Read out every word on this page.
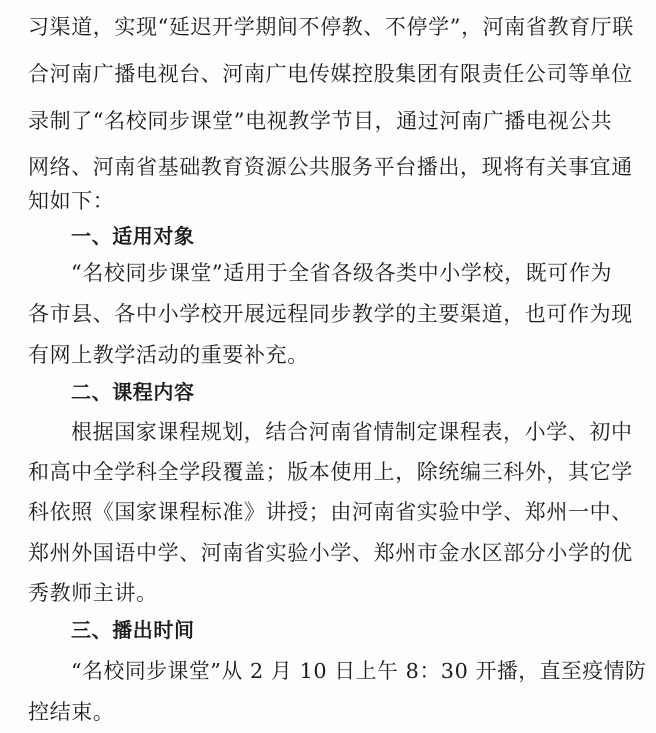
习渠道，实现“延迟开学期间不停教、不停学”，河南省教育厅联
合河南广播电视台、河南广电传媒控股集团有限责任公司等单位
录制了“名校同步课堂”电视教学节目，通过河南广播电视公共
网络、河南省基础教育资源公共服务平台播出，现将有关事宜通
知如下：
一、适用对象
“名校同步课堂”适用于全省各级各类中小学校，既可作为
各市县、各中小学校开展远程同步教学的主要渠道，也可作为现
有网上教学活动的重要补充。
二、课程内容
根据国家课程规划，结合河南省情制定课程表，小学、初中
和高中全学科全学段覆盖；版本使用上，除统编三科外，其它学
科依照《国家课程标准》讲授；由河南省实验中学、郑州一中、
郑州外国语中学、河南省实验小学、郑州市金水区部分小学的优
秀教师主讲。
三、播出时间
“名校同步课堂”从 2 月 10 日上午 8：30 开播，直至疫情防
控结束。
